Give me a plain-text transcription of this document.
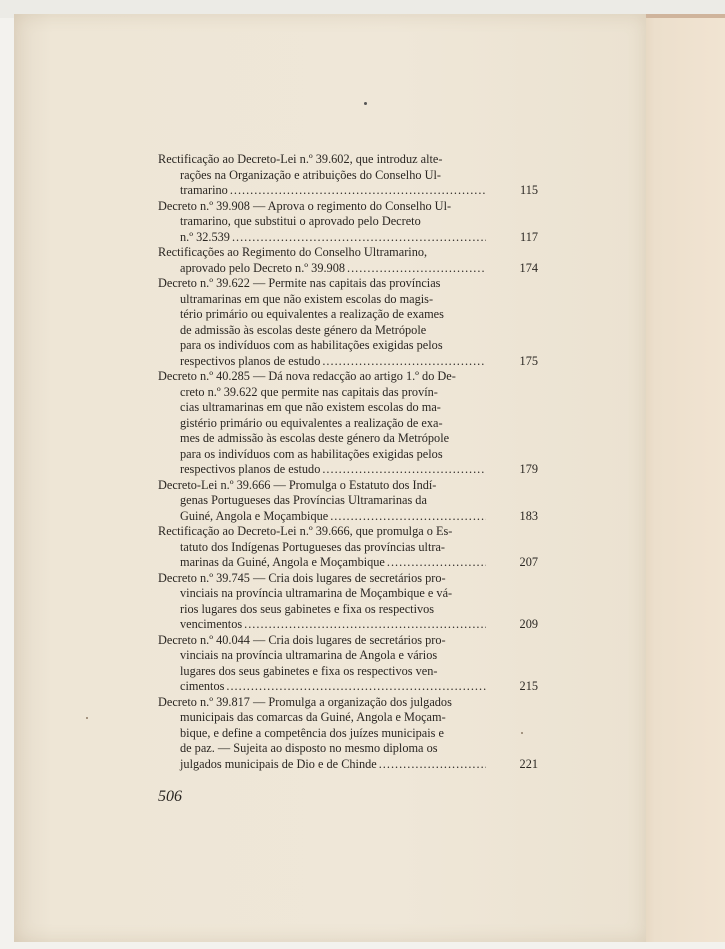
Rectificação ao Decreto-Lei n.º 39.602, que introduz alte-
rações na Organização e atribuições do Conselho Ul-
tramarino .....	115
Decreto n.º 39.908 — Aprova o regimento do Conselho Ul-
tramarino, que substitui o aprovado pelo Decreto
n.º 32.539 .....	117
Rectificações ao Regimento do Conselho Ultramarino,
aprovado pelo Decreto n.º 39.908 .....	174
Decreto n.º 39.622 — Permite nas capitais das províncias
ultramarinas em que não existem escolas do magis-
tério primário ou equivalentes a realização de exames
de admissão às escolas deste género da Metrópole
para os indivíduos com as habilitações exigidas pelos
respectivos planos de estudo .....	175
Decreto n.º 40.285 — Dá nova redacção ao artigo 1.º do De-
creto n.º 39.622 que permite nas capitais das provín-
cias ultramarinas em que não existem escolas do ma-
gistério primário ou equivalentes a realização de exa-
mes de admissão às escolas deste género da Metrópole
para os indivíduos com as habilitações exigidas pelos
respectivos planos de estudo .....	179
Decreto-Lei n.º 39.666 — Promulga o Estatuto dos Indí-
genas Portugueses das Províncias Ultramarinas da
Guiné, Angola e Moçambique .....	183
Rectificação ao Decreto-Lei n.º 39.666, que promulga o Es-
tatuto dos Indígenas Portugueses das províncias ultra-
marinas da Guiné, Angola e Moçambique .....	207
Decreto n.º 39.745 — Cria dois lugares de secretários pro-
vinciais na província ultramarina de Moçambique e vá-
rios lugares dos seus gabinetes e fixa os respectivos
vencimentos .....	209
Decreto n.º 40.044 — Cria dois lugares de secretários pro-
vinciais na província ultramarina de Angola e vários
lugares dos seus gabinetes e fixa os respectivos ven-
cimentos .....	215
Decreto n.º 39.817 — Promulga a organização dos julgados
municipais das comarcas da Guiné, Angola e Moçam-
bique, e define a competência dos juízes municipais e
de paz. — Sujeita ao disposto no mesmo diploma os
julgados municipais de Dio e de Chinde .....	221
506
